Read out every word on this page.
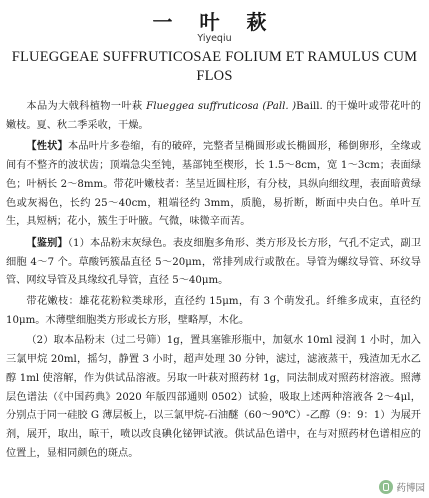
一 叶 萩
Yiyeqiu
FLUEGGEAE SUFFRUTICOSAE FOLIUM ET RAMULUS CUM FLOS

本品为大戟科植物一叶萩 Flueggea suffruticosa (Pall. )Baill. 的干燥叶或带花叶的嫩枝。夏、秋二季采收，干燥。

【性状】本品叶片多卷缩，有的破碎，完整者呈椭圆形或长椭圆形，稀倒卵形，全缘或间有不整齐的波状齿；顶端急尖至钝，基部钝至楔形，长 1.5～8cm，宽 1～3cm；表面绿色；叶柄长 2～8mm。带花叶嫩枝者：茎呈近圆柱形，有分枝，具纵向细纹理，表面暗黄绿色或灰褐色，长约 25～40cm，粗端径约 3mm，质脆，易折断，断面中央白色。单叶互生，具短柄；花小，簇生于叶腋。气微，味微辛而苦。

【鉴别】（1）本品粉末灰绿色。表皮细胞多角形、类方形及长方形，气孔不定式，副卫细胞 4～7 个。草酸钙簇晶直径 5～20μm，常排列成行或散在。导管为螺纹导管、环纹导管、网纹导管及具缘纹孔导管，直径 5～40μm。

带花嫩枝：雄花花粉粒类球形，直径约 15μm，有 3 个萌发孔。纤维多成束，直径约 10μm。木薄壁细胞类方形或长方形，壁略厚，木化。

（2）取本品粉末（过二号筛）1g，置具塞锥形瓶中，加氨水 10ml 浸润 1 小时，加入三氯甲烷 20ml，摇匀，静置 3 小时，超声处理 30 分钟，滤过，滤液蒸干，残渣加无水乙醇 1ml 使溶解，作为供试品溶液。另取一叶萩对照药材 1g，同法制成对照药材溶液。照薄层色谱法（《中国药典》2020 年版四部通则 0502）试验，吸取上述两种溶液各 2～4μl，分别点于同一硅胶 G 薄层板上，以三氯甲烷-石油醚（60～90℃）-乙醇（9：9：1）为展开剂，展开，取出，晾干，喷以改良碘化铋钾试液。供试品色谱中，在与对照药材色谱相应的位置上，显相同颜色的斑点。

药博园
